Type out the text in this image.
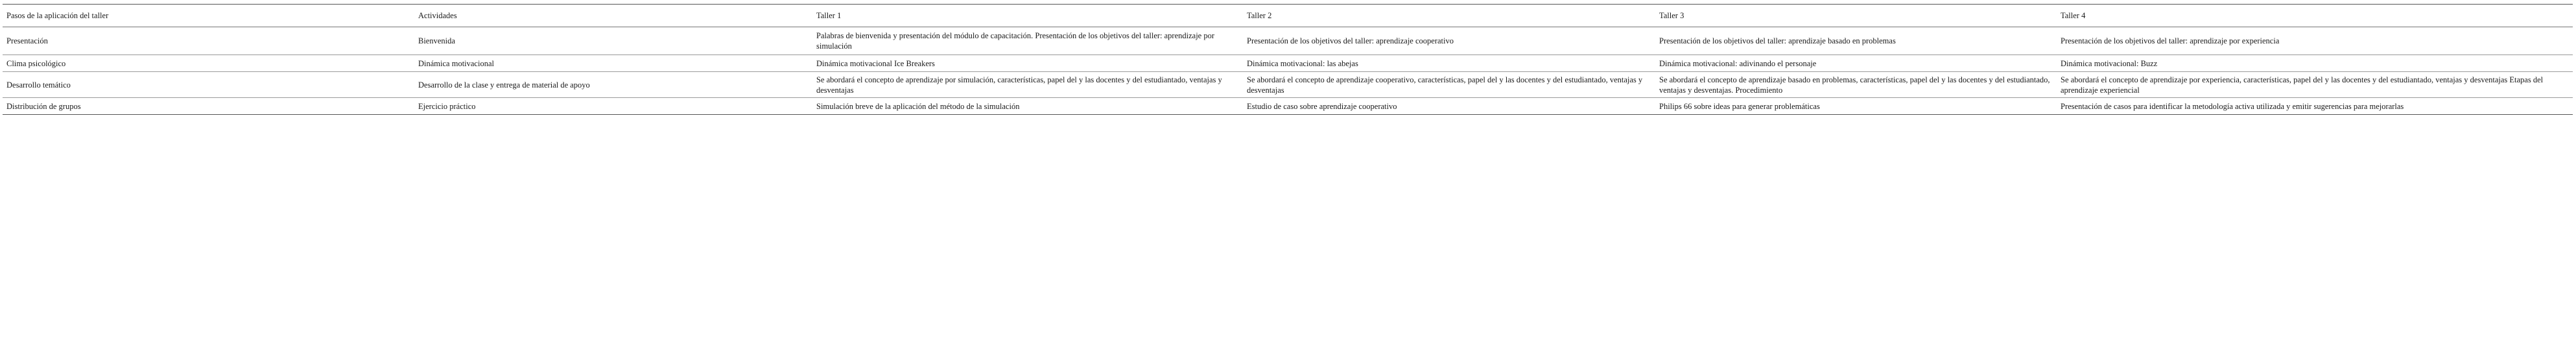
Pasos de la aplicación del taller	Actividades	Taller 1	Taller 2	Taller 3	Taller 4
Presentación	Bienvenida	Palabras de bienvenida y presentación del módulo de capacitación. Presentación de los objetivos del taller: aprendizaje por simulación	Presentación de los objetivos del taller: aprendizaje cooperativo	Presentación de los objetivos del taller: aprendizaje basado en problemas	Presentación de los objetivos del taller: aprendizaje por experiencia
Clima psicológico	Dinámica motivacional	Dinámica motivacional Ice Breakers	Dinámica motivacional: las abejas	Dinámica motivacional: adivinando el personaje	Dinámica motivacional: Buzz
Desarrollo temático	Desarrollo de la clase y entrega de material de apoyo	Se abordará el concepto de aprendizaje por simulación, características, papel del y las docentes y del estudiantado, ventajas y desventajas	Se abordará el concepto de aprendizaje cooperativo, características, papel del y las docentes y del estudiantado, ventajas y desventajas	Se abordará el concepto de aprendizaje basado en problemas, características, papel del y las docentes y del estudiantado, ventajas y desventajas. Procedimiento	Se abordará el concepto de aprendizaje por experiencia, características, papel del y las docentes y del estudiantado, ventajas y desventajas Etapas del aprendizaje experiencial
Distribución de grupos	Ejercicio práctico	Simulación breve de la aplicación del método de la simulación	Estudio de caso sobre aprendizaje cooperativo	Philips 66 sobre ideas para generar problemáticas	Presentación de casos para identificar la metodología activa utilizada y emitir sugerencias para mejorarlas
